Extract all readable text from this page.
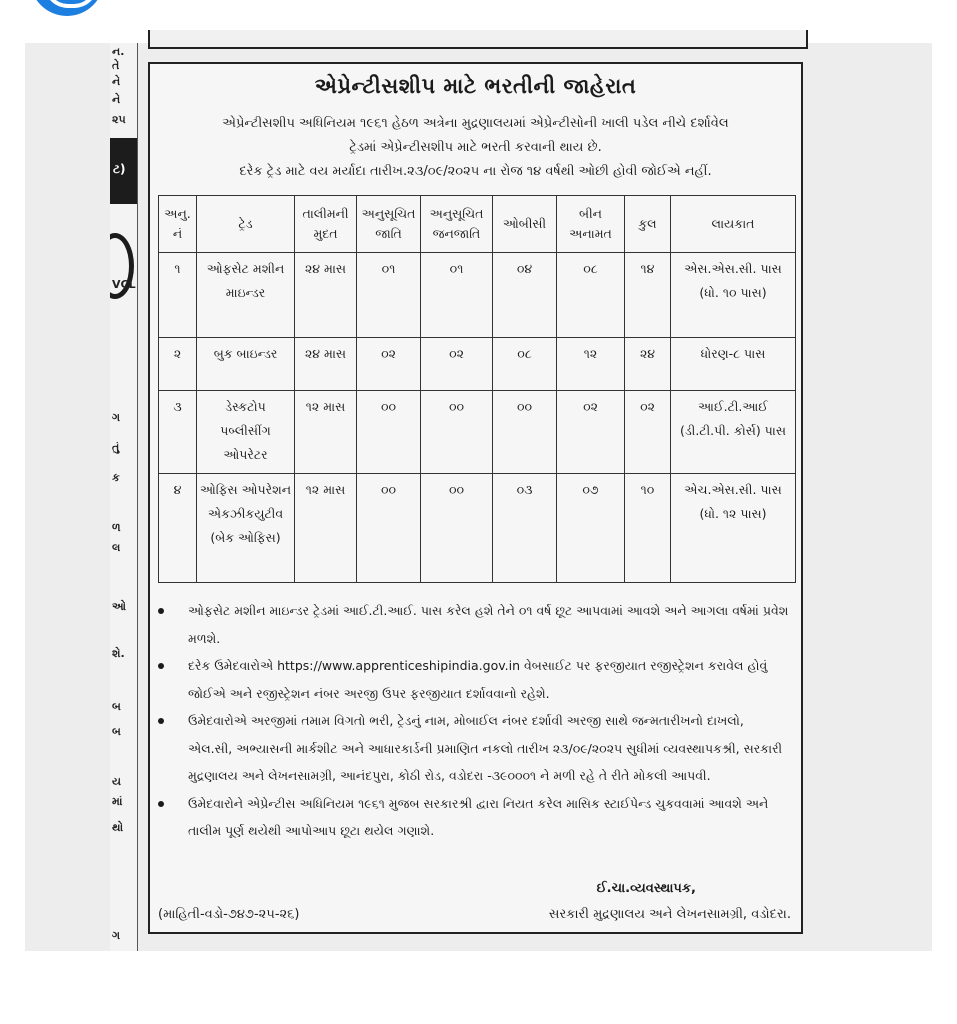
ન.
તે
ને
ને
૨૫
ટ)
VCL
ગ
તું
ક
ળ
લ
ઓ
શે.
બ
બ
ય
માં
થો
ગ
એપ્રેન્ટીસશીપ માટે ભરતીની જાહેરાત

એપ્રેન્ટીસશીપ અધિનિયમ ૧૯૬૧ હેઠળ અત્રેના મુદ્રણાલયમાં એપ્રેન્ટીસોની ખાલી પડેલ નીચે દર્શાવેલ

ટ્રેડમાં એપ્રેન્ટીસશીપ માટે ભરતી કરવાની થાય છે.

દરેક ટ્રેડ માટે વય મર્યાદા તારીખ.૨૩/૦૯/૨૦૨૫ ના રોજ ૧૪ વર્ષથી ઓછી હોવી જોઈએ નહીં.

અનુ. નં	ટ્રેડ	તાલીમની મુદત	અનુસૂચિત જાતિ	અનુસૂચિત જનજાતિ	ઓબીસી	બીન અનામત	કુલ	લાયકાત
૧	ઓફસેટ મશીન માઇન્ડર	૨૪ માસ	૦૧	૦૧	૦૪	૦૮	૧૪	એસ.એસ.સી. પાસ (ધો. ૧૦ પાસ)
૨	બુક બાઇન્ડર	૨૪ માસ	૦૨	૦૨	૦૮	૧૨	૨૪	ધોરણ-૮ પાસ
૩	ડેસ્કટોપ પબ્લીસીંગ ઓપરેટર	૧૨ માસ	૦૦	૦૦	૦૦	૦૨	૦૨	આઈ.ટી.આઈ (ડી.ટી.પી. કોર્સ) પાસ
૪	ઓફિસ ઓપરેશન એકઝીકયુટીવ (બેક ઓફિસ)	૧૨ માસ	૦૦	૦૦	૦૩	૦૭	૧૦	એચ.એસ.સી. પાસ (ધો. ૧૨ પાસ)

ઓફસેટ મશીન માઇન્ડર ટ્રેડમાં આઈ.ટી.આઈ. પાસ કરેલ હશે તેને ૦૧ વર્ષ છૂટ આપવામાં આવશે અને આગલા વર્ષમાં પ્રવેશ મળશે.

દરેક ઉમેદવારોએ https://www.apprenticeshipindia.gov.in વેબસાઈટ પર ફરજીયાત રજીસ્ટ્રેશન કરાવેલ હોવું જોઈએ અને રજીસ્ટ્રેશન નંબર અરજી ઉપર ફરજીયાત દર્શાવવાનો રહેશે.

ઉમેદવારોએ અરજીમાં તમામ વિગતો ભરી, ટ્રેડનું નામ, મોબાઈલ નંબર દર્શાવી અરજી સાથે જન્મતારીખનો દાખલો, એલ.સી, અભ્યાસની માર્કશીટ અને આધારકાર્ડની પ્રમાણિત નકલો તારીખ ૨૩/૦૯/૨૦૨૫ સુધીમાં વ્યવસ્થાપકશ્રી, સરકારી મુદ્રણાલય અને લેખનસામગ્રી, આનંદપુરા, કોઠી રોડ, વડોદરા -૩૯૦૦૦૧ ને મળી રહે તે રીતે મોકલી આપવી.

ઉમેદવારોને એપ્રેન્ટીસ અધિનિયમ ૧૯૬૧ મુજબ સરકારશ્રી દ્વારા નિયત કરેલ માસિક સ્ટાઈપેન્ડ ચુકવવામાં આવશે અને તાલીમ પૂર્ણ થયેથી આપોઆપ છૂટા થયેલ ગણાશે.

ઈ.ચા.વ્યવસ્થાપક,
(માહિતી-વડો-૭૪૭-૨૫-૨૬)	સરકારી મુદ્રણાલય અને લેખનસામગ્રી, વડોદરા.
